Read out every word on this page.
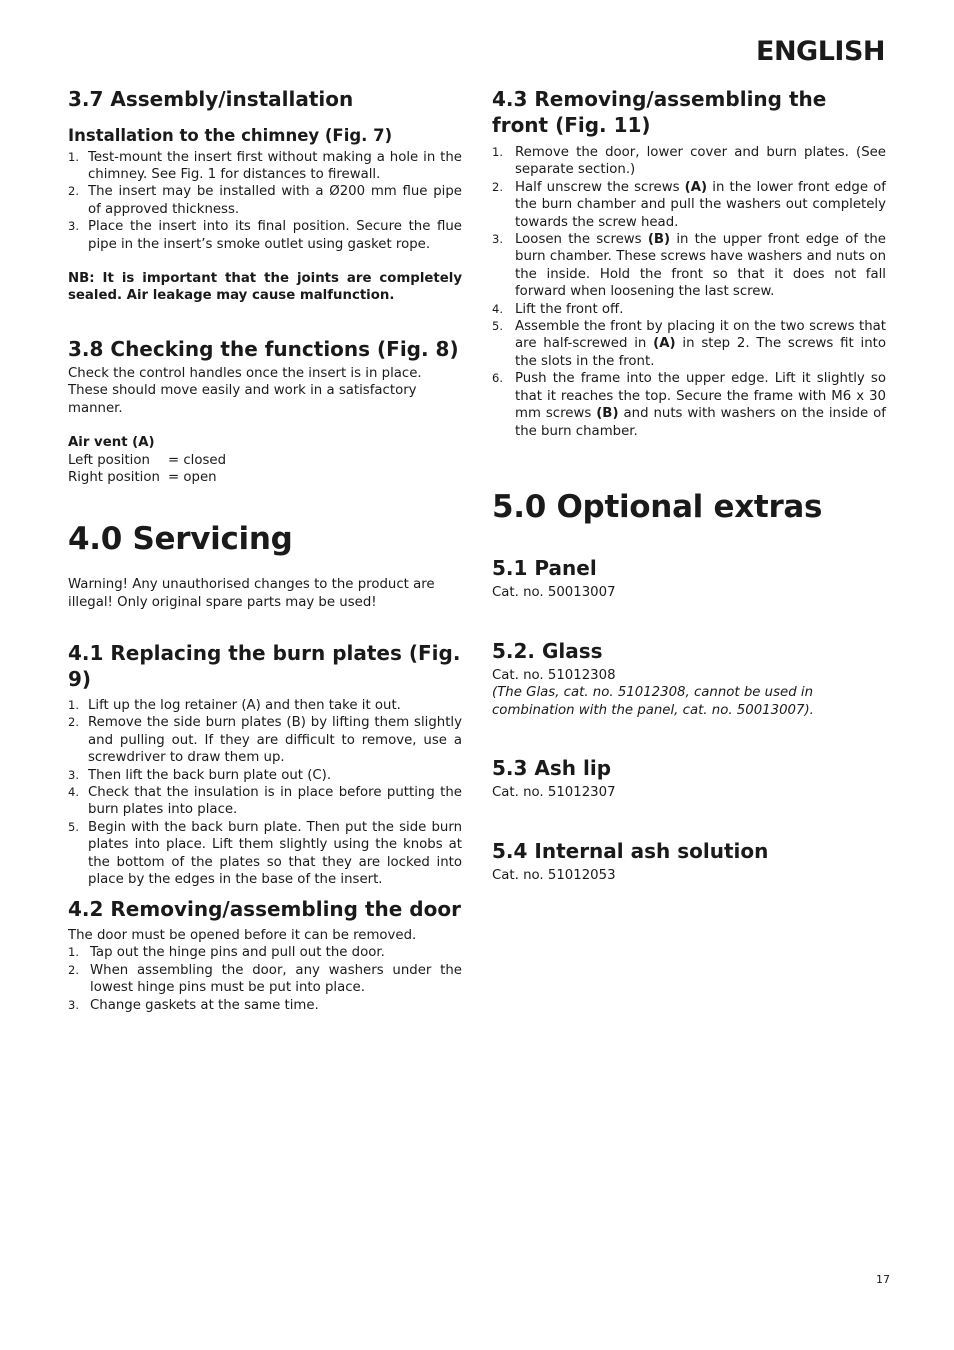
ENGLISH
3.7 Assembly/installation
Installation to the chimney (Fig. 7)
1. Test-mount the insert first without making a hole in the chimney. See Fig. 1 for distances to firewall.
2. The insert may be installed with a Ø200 mm flue pipe of approved thickness.
3. Place the insert into its final position. Secure the flue pipe in the insert’s smoke outlet using gasket rope.

NB: It is important that the joints are completely sealed. Air leakage may cause malfunction.

3.8 Checking the functions (Fig. 8)

Check the control handles once the insert is in place. These should move easily and work in a satisfactory manner.

Air vent (A)

Left position	= closed
Right position = open
4.0 Servicing

Warning! Any unauthorised changes to the product are illegal! Only original spare parts may be used!

4.1 Replacing the burn plates (Fig. 9)
1. Lift up the log retainer (A) and then take it out.
2. Remove the side burn plates (B) by lifting them slightly and pulling out. If they are difficult to remove, use a screwdriver to draw them up.
3. Then lift the back burn plate out (C).
4. Check that the insulation is in place before putting the burn plates into place.
5. Begin with the back burn plate. Then put the side burn plates into place. Lift them slightly using the knobs at the bottom of the plates so that they are locked into place by the edges in the base of the insert.
4.2 Removing/assembling the door

The door must be opened before it can be removed.

1. Tap out the hinge pins and pull out the door.
2. When assembling the door, any washers under the lowest hinge pins must be put into place.
3. Change gaskets at the same time.
4.3 Removing/assembling the front (Fig. 11)
1. Remove the door, lower cover and burn plates. (See separate section.)
2. Half unscrew the screws (A) in the lower front edge of the burn chamber and pull the washers out completely towards the screw head.
3. Loosen the screws (B) in the upper front edge of the burn chamber. These screws have washers and nuts on the inside. Hold the front so that it does not fall forward when loosening the last screw.
4. Lift the front off.
5. Assemble the front by placing it on the two screws that are half-screwed in (A) in step 2. The screws fit into the slots in the front.
6. Push the frame into the upper edge. Lift it slightly so that it reaches the top. Secure the frame with M6 x 30 mm screws (B) and nuts with washers on the inside of the burn chamber.
5.0 Optional extras
5.1 Panel

Cat. no. 50013007

5.2. Glass

Cat. no. 51012308

(The Glas, cat. no. 51012308, cannot be used in combination with the panel, cat. no. 50013007).

5.3 Ash lip

Cat. no. 51012307

5.4 Internal ash solution

Cat. no. 51012053

17
